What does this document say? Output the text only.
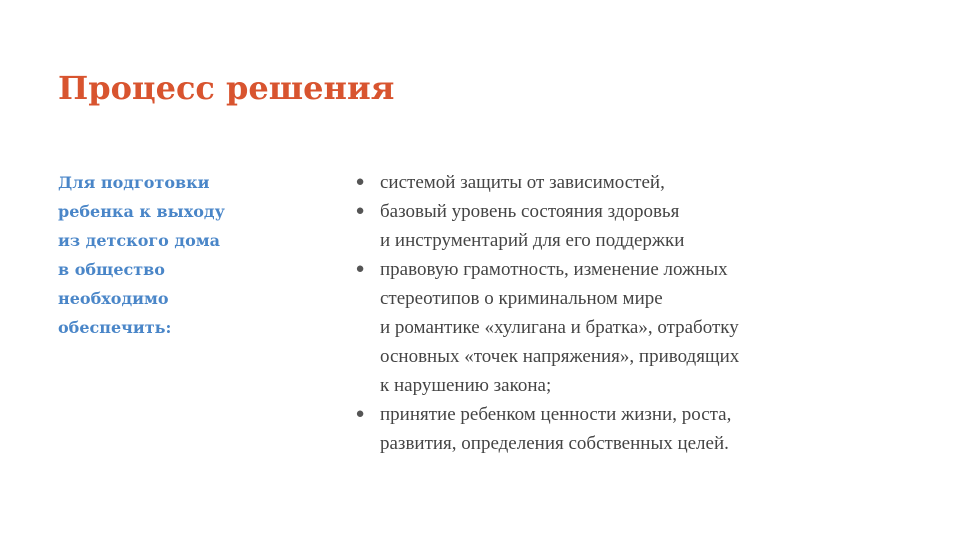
Процесс решения
Для подготовки
ребенка к выходу
из детского дома
в общество
необходимо
обеспечить:
● системой защиты от зависимостей,
● базовый уровень состояния здоровья
и инструментарий для его поддержки
● правовую грамотность, изменение ложных
стереотипов о криминальном мире
и романтике «хулигана и братка», отработку
основных «точек напряжения», приводящих
к нарушению закона;
● принятие ребенком ценности жизни, роста,
развития, определения собственных целей.
